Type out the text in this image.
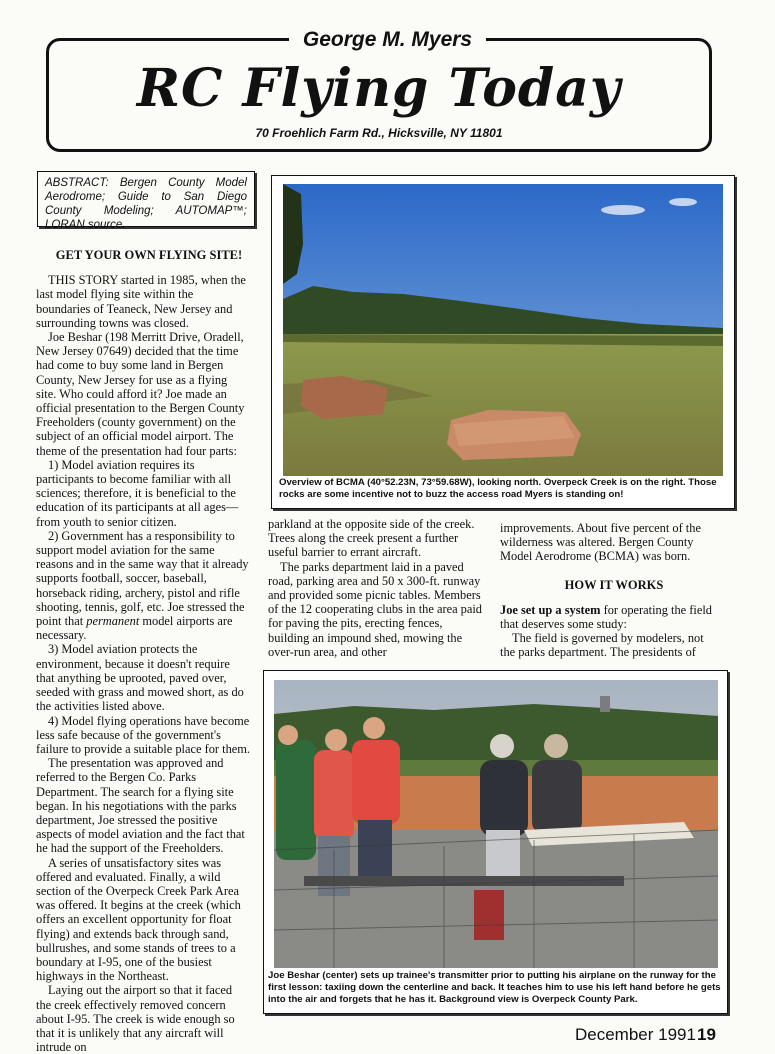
George M. Myers
RC Flying Today
70 Froehlich Farm Rd., Hicksville, NY 11801
ABSTRACT: Bergen County Model Aerodrome; Guide to San Diego County Modeling; AUTOMAP™; LORAN source.

GET YOUR OWN FLYING SITE!

THIS STORY started in 1985, when the last model flying site within the boundaries of Teaneck, New Jersey and surrounding towns was closed.

Joe Beshar (198 Merritt Drive, Oradell, New Jersey 07649) decided that the time had come to buy some land in Bergen County, New Jersey for use as a flying site. Who could afford it? Joe made an official presentation to the Bergen County Freeholders (county government) on the subject of an official model airport. The theme of the presentation had four parts:

1) Model aviation requires its participants to become familiar with all sciences; therefore, it is beneficial to the education of its participants at all ages—from youth to senior citizen.

2) Government has a responsibility to support model aviation for the same reasons and in the same way that it already supports football, soccer, baseball, horseback riding, archery, pistol and rifle shooting, tennis, golf, etc. Joe stressed the point that permanent model airports are necessary.

3) Model aviation protects the environment, because it doesn't require that anything be uprooted, paved over, seeded with grass and mowed short, as do the activities listed above.

4) Model flying operations have become less safe because of the government's failure to provide a suitable place for them.

The presentation was approved and referred to the Bergen Co. Parks Department. The search for a flying site began. In his negotiations with the parks department, Joe stressed the positive aspects of model aviation and the fact that he had the support of the Freeholders.

A series of unsatisfactory sites was offered and evaluated. Finally, a wild section of the Overpeck Creek Park Area was offered. It begins at the creek (which offers an excellent opportunity for float flying) and extends back through sand, bullrushes, and some stands of trees to a boundary at I-95, one of the busiest highways in the Northeast.

Laying out the airport so that it faced the creek effectively removed concern about I-95. The creek is wide enough so that it is unlikely that any aircraft will intrude on

Overview of BCMA (40°52.23N, 73°59.68W), looking north. Overpeck Creek is on the right. Those rocks are some incentive not to buzz the access road Myers is standing on!

parkland at the opposite side of the creek. Trees along the creek present a further useful barrier to errant aircraft.

The parks department laid in a paved road, parking area and 50 x 300-ft. runway and provided some picnic tables. Members of the 12 cooperating clubs in the area paid for paving the pits, erecting fences, building an impound shed, mowing the over-run area, and other

improvements. About five percent of the wilderness was altered. Bergen County Model Aerodrome (BCMA) was born.

HOW IT WORKS

Joe set up a system for operating the field that deserves some study:

The field is governed by modelers, not the parks department. The presidents of

Joe Beshar (center) sets up trainee's transmitter prior to putting his airplane on the runway for the first lesson: taxiing down the centerline and back. It teaches him to use his left hand before he gets into the air and forgets that he has it. Background view is Overpeck County Park.
December 1991 19
